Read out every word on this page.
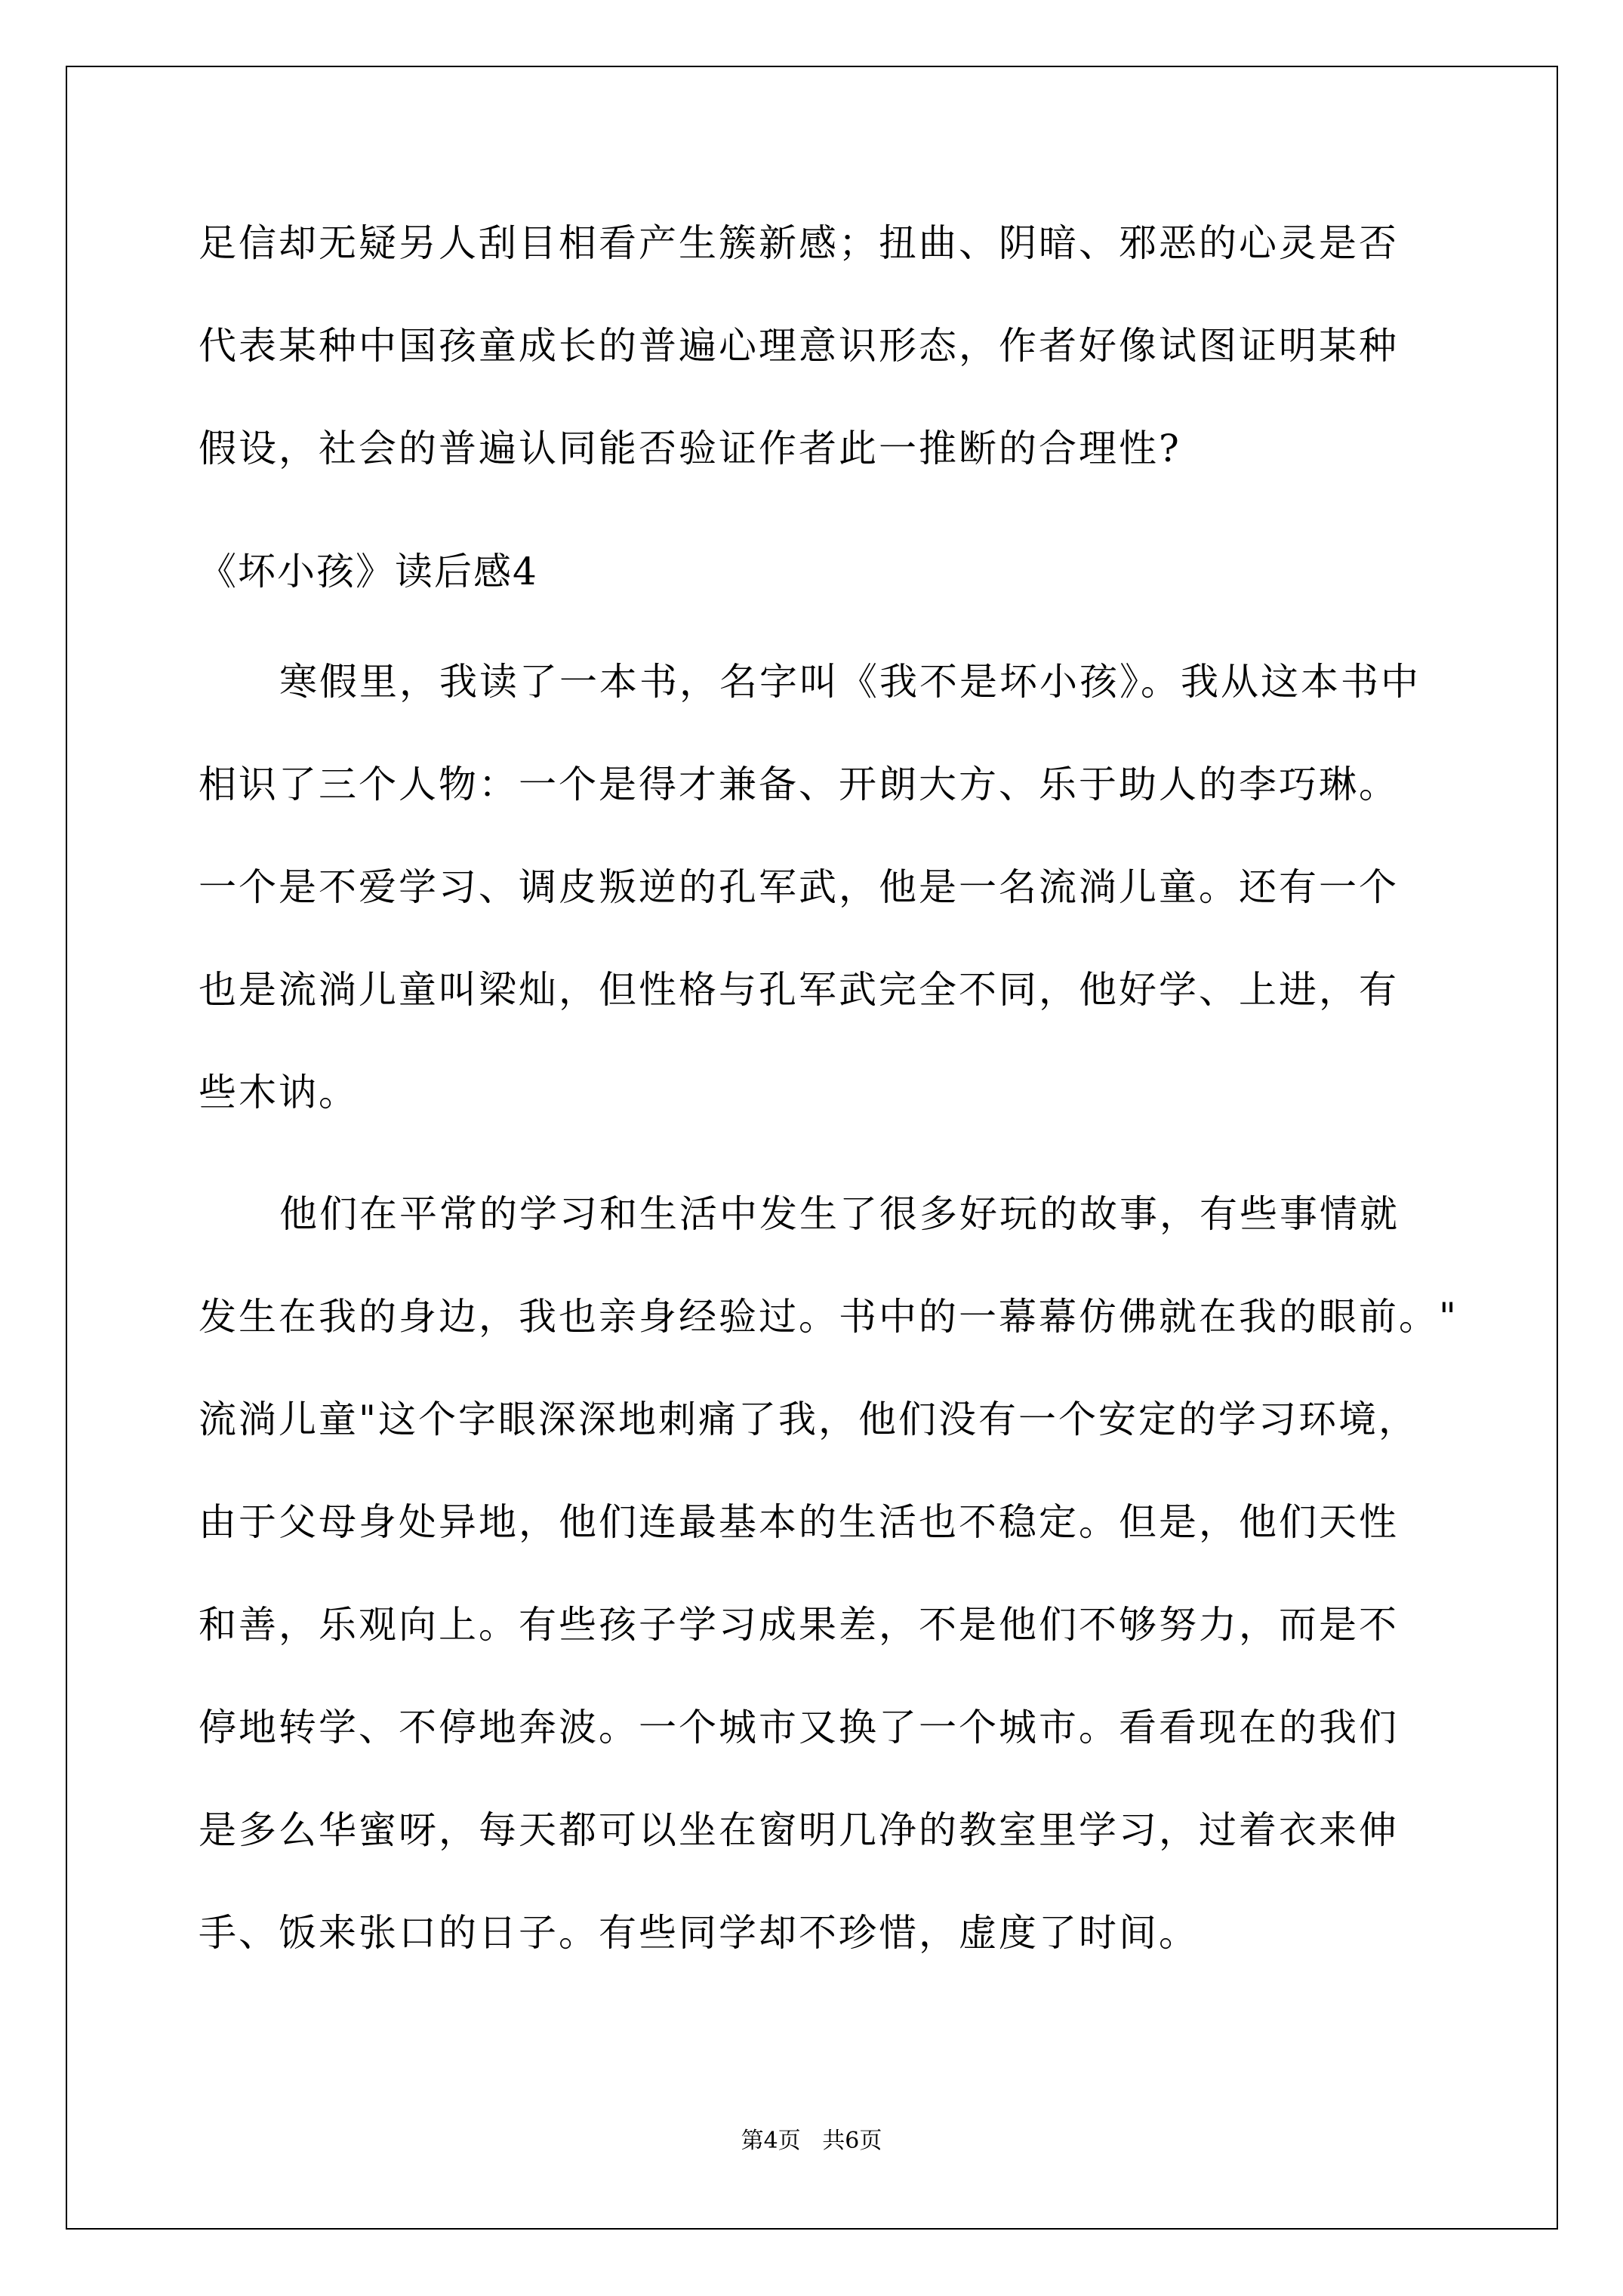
足信却无疑另人刮目相看产生簇新感；扭曲、阴暗、邪恶的心灵是否
代表某种中国孩童成长的普遍心理意识形态，作者好像试图证明某种
假设，社会的普遍认同能否验证作者此一推断的合理性?
《坏小孩》读后感4
寒假里，我读了一本书，名字叫《我不是坏小孩》。我从这本书中
相识了三个人物：一个是得才兼备、开朗大方、乐于助人的李巧琳。
一个是不爱学习、调皮叛逆的孔军武，他是一名流淌儿童。还有一个
也是流淌儿童叫梁灿，但性格与孔军武完全不同，他好学、上进，有
些木讷。
他们在平常的学习和生活中发生了很多好玩的故事，有些事情就
发生在我的身边，我也亲身经验过。书中的一幕幕仿佛就在我的眼前。"
流淌儿童"这个字眼深深地刺痛了我，他们没有一个安定的学习环境，
由于父母身处异地，他们连最基本的生活也不稳定。但是，他们天性
和善，乐观向上。有些孩子学习成果差，不是他们不够努力，而是不
停地转学、不停地奔波。一个城市又换了一个城市。看看现在的我们
是多么华蜜呀，每天都可以坐在窗明几净的教室里学习，过着衣来伸
手、饭来张口的日子。有些同学却不珍惜，虚度了时间。
第4页   共6页
